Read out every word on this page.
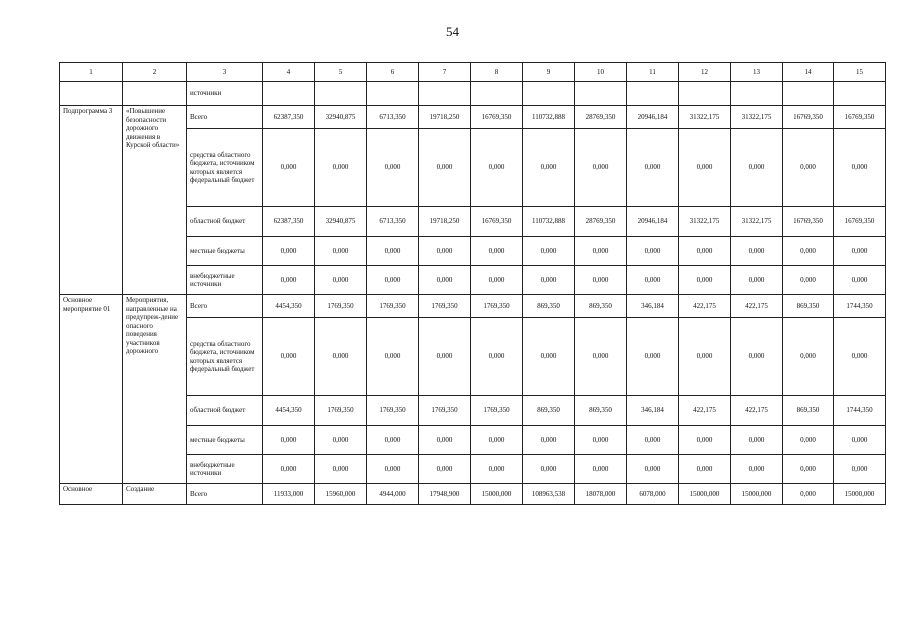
54
1	2	3	4	5	6	7	8	9	10	11	12	13	14	15
		источники												
Подпрограмма 3	«Повышение безопасности дорожного движения в Курской области»	Всего	62387,350	32940,875	6713,350	19718,250	16769,350	110732,888	28769,350	20946,184	31322,175	31322,175	16769,350	16769,350
		средства областного бюджета, источником которых является федеральный бюджет	0,000	0,000	0,000	0,000	0,000	0,000	0,000	0,000	0,000	0,000	0,000	0,000
		областной бюджет	62387,350	32940,875	6713,350	19718,250	16769,350	110732,888	28769,350	20946,184	31322,175	31322,175	16769,350	16769,350
		местные бюджеты	0,000	0,000	0,000	0,000	0,000	0,000	0,000	0,000	0,000	0,000	0,000	0,000
		внебюджетные источники	0,000	0,000	0,000	0,000	0,000	0,000	0,000	0,000	0,000	0,000	0,000	0,000
Основное мероприятие 01	Мероприятия, направленные на предупреж-дение опасного поведения участников дорожного	Всего	4454,350	1769,350	1769,350	1769,350	1769,350	869,350	869,350	346,184	422,175	422,175	869,350	1744,350
		средства областного бюджета, источником которых является федеральный бюджет	0,000	0,000	0,000	0,000	0,000	0,000	0,000	0,000	0,000	0,000	0,000	0,000
		областной бюджет	4454,350	1769,350	1769,350	1769,350	1769,350	869,350	869,350	346,184	422,175	422,175	869,350	1744,350
		местные бюджеты	0,000	0,000	0,000	0,000	0,000	0,000	0,000	0,000	0,000	0,000	0,000	0,000
		внебюджетные источники	0,000	0,000	0,000	0,000	0,000	0,000	0,000	0,000	0,000	0,000	0,000	0,000
Основное	Создание	Всего	11933,000	15960,000	4944,000	17948,900	15000,000	108963,538	18078,000	6078,000	15000,000	15000,000	0,000	15000,000
